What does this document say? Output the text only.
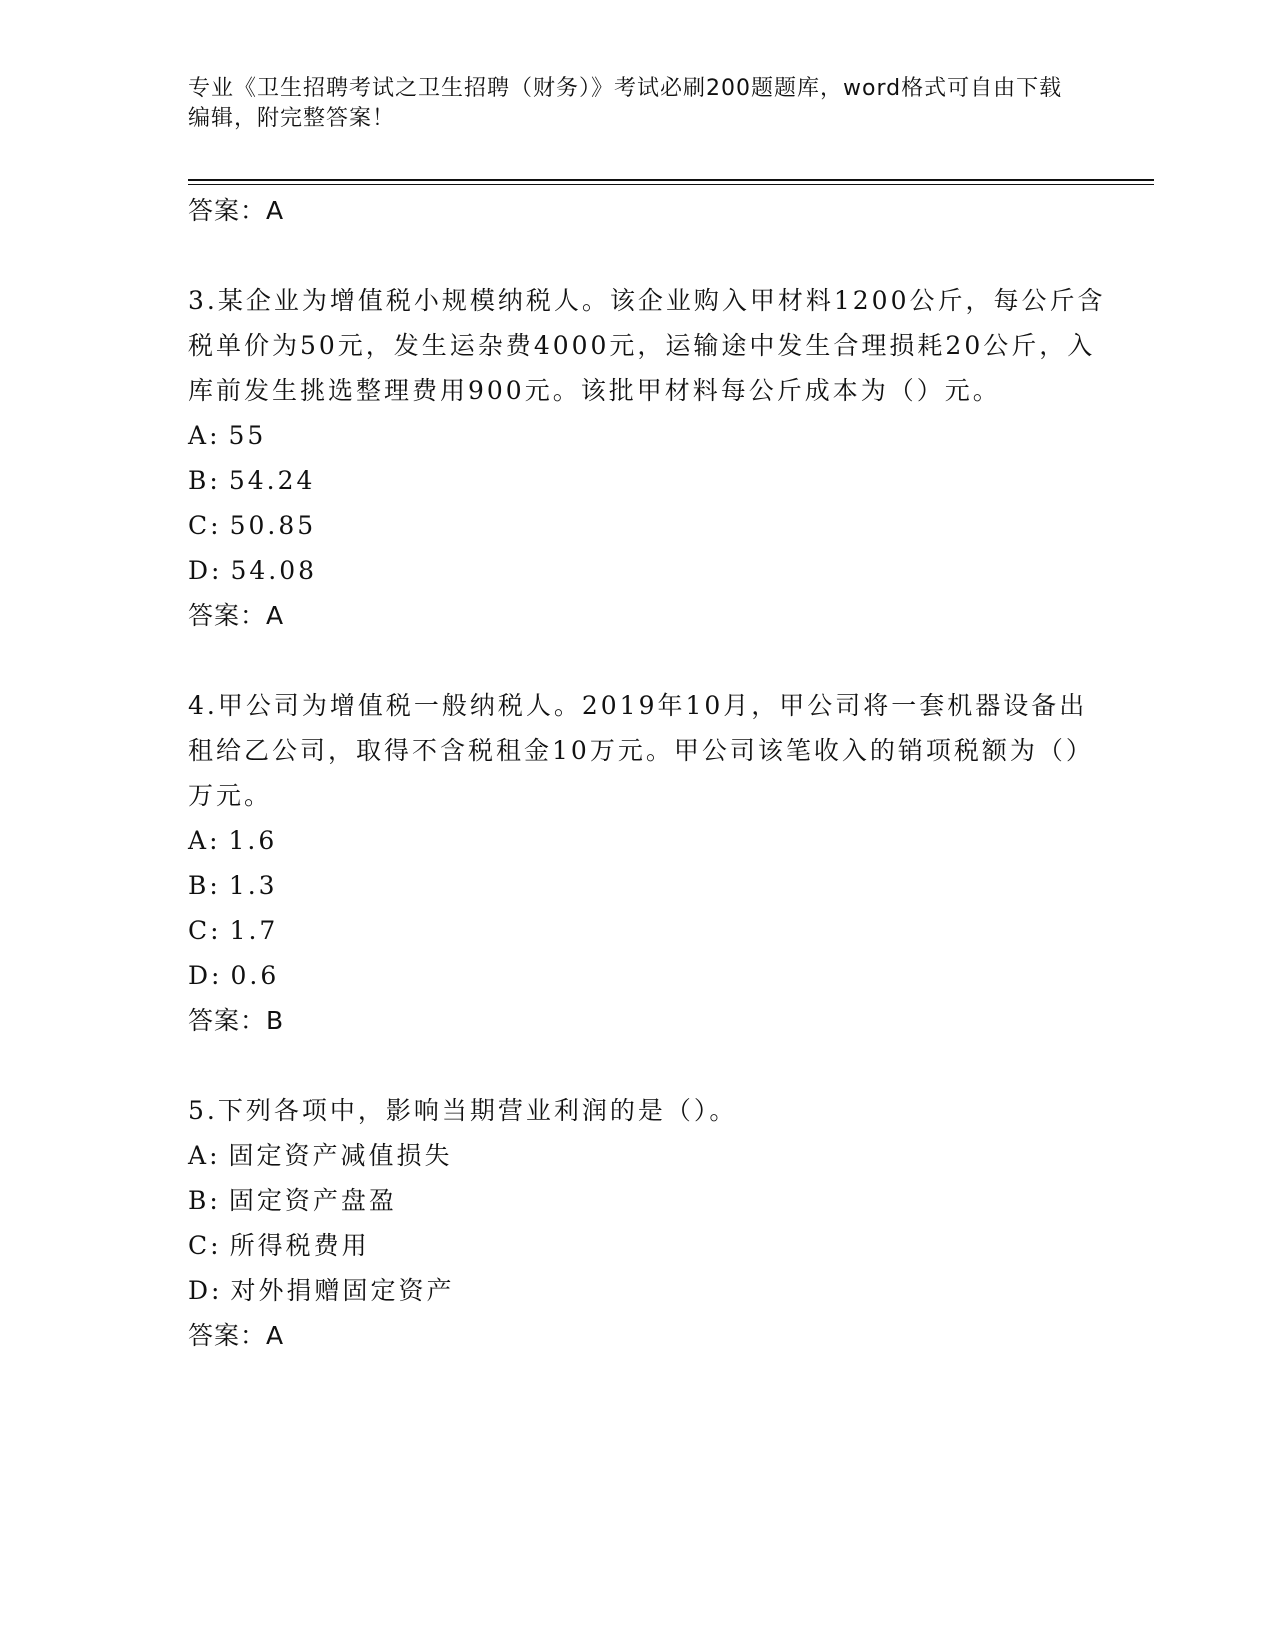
专业《卫生招聘考试之卫生招聘（财务）》考试必刷200题题库，word格式可自由下载编辑，附完整答案！

答案：A

3.某企业为增值税小规模纳税人。该企业购入甲材料1200公斤，每公斤含税单价为50元，发生运杂费4000元，运输途中发生合理损耗20公斤，入库前发生挑选整理费用900元。该批甲材料每公斤成本为（）元。

A: 55

B: 54.24

C: 50.85

D: 54.08

答案：A

4.甲公司为增值税一般纳税人。2019年10月，甲公司将一套机器设备出租给乙公司，取得不含税租金10万元。甲公司该笔收入的销项税额为（）万元。

A: 1.6

B: 1.3

C: 1.7

D: 0.6

答案：B

5.下列各项中，影响当期营业利润的是（）。

A: 固定资产减值损失

B: 固定资产盘盈

C: 所得税费用

D: 对外捐赠固定资产

答案：A
